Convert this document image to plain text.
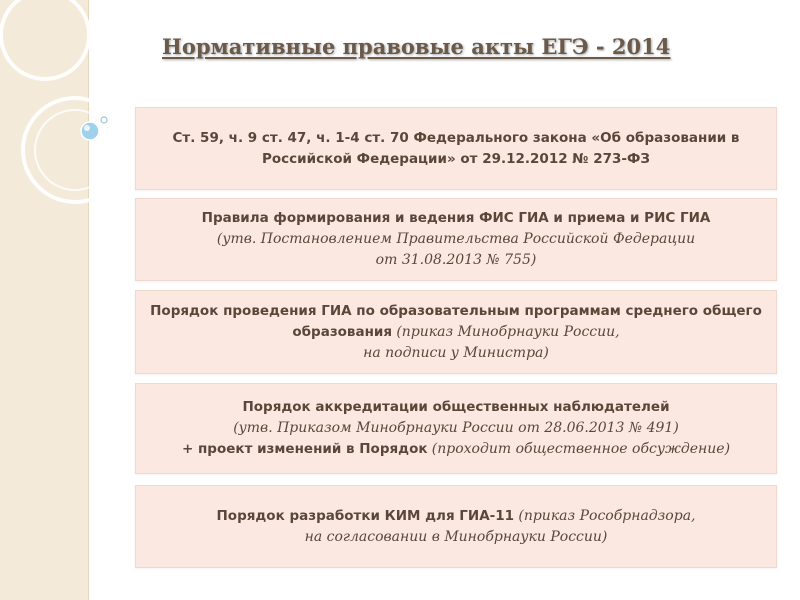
Нормативные правовые акты ЕГЭ - 2014
Ст. 59, ч. 9 ст. 47, ч. 1-4 ст. 70 Федерального закона «Об образовании в
Российской Федерации» от 29.12.2012 № 273-ФЗ
Правила формирования и ведения ФИС ГИА и приема и РИС ГИА
(утв. Постановлением Правительства Российской Федерации
от 31.08.2013 № 755)
Порядок проведения ГИА по образовательным программам среднего общего
образования (приказ Минобрнауки России,
на подписи у Министра)
Порядок аккредитации общественных наблюдателей
(утв. Приказом Минобрнауки России от 28.06.2013 № 491)
+ проект изменений в Порядок (проходит общественное обсуждение)
Порядок разработки КИМ для ГИА-11 (приказ Рособрнадзора,
на согласовании в Минобрнауки России)
